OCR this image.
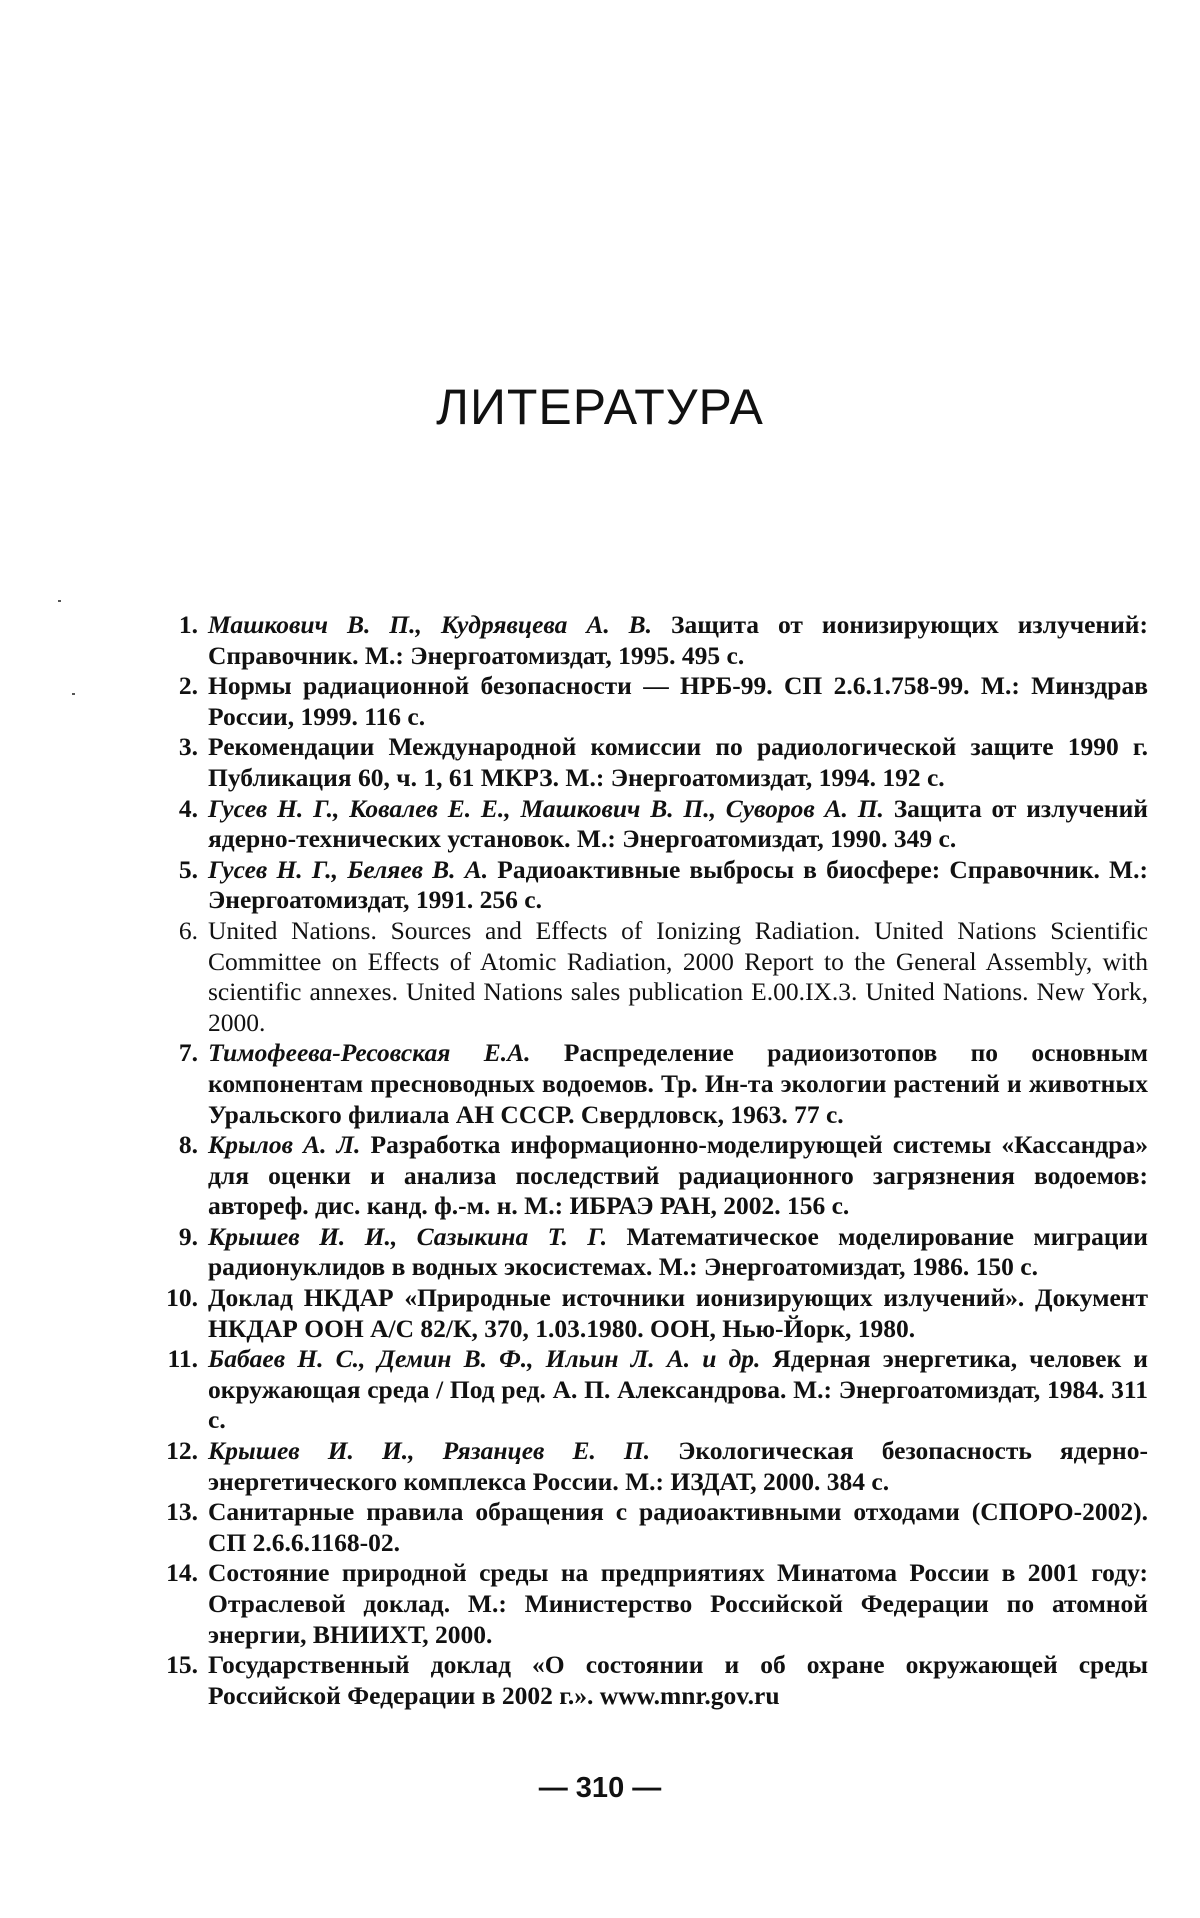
ЛИТЕРАТУРА
1. Машкович В. П., Кудрявцева А. В. Защита от ионизирующих излучений: Справочник. М.: Энергоатомиздат, 1995. 495 с.
2. Нормы радиационной безопасности — НРБ-99. СП 2.6.1.758-99. М.: Минздрав России, 1999. 116 с.
3. Рекомендации Международной комиссии по радиологической защите 1990 г. Публикация 60, ч. 1, 61 МКРЗ. М.: Энергоатомиздат, 1994. 192 с.
4. Гусев Н. Г., Ковалев Е. Е., Машкович В. П., Суворов А. П. Защита от излучений ядерно-технических установок. М.: Энергоатомиздат, 1990. 349 с.
5. Гусев Н. Г., Беляев В. А. Радиоактивные выбросы в биосфере: Справочник. М.: Энергоатомиздат, 1991. 256 с.
6. United Nations. Sources and Effects of Ionizing Radiation. United Nations Scientific Committee on Effects of Atomic Radiation, 2000 Report to the General Assembly, with scientific annexes. United Nations sales publication E.00.IX.3. United Nations. New York, 2000.
7. Тимофеева-Ресовская Е.А. Распределение радиоизотопов по основным компонентам пресноводных водоемов. Тр. Ин-та экологии растений и животных Уральского филиала АН СССР. Свердловск, 1963. 77 с.
8. Крылов А. Л. Разработка информационно-моделирующей системы «Кассандра» для оценки и анализа последствий радиационного загрязнения водоемов: автореф. дис. канд. ф.-м. н. М.: ИБРАЭ РАН, 2002. 156 с.
9. Крышев И. И., Сазыкина Т. Г. Математическое моделирование миграции радионуклидов в водных экосистемах. М.: Энергоатомиздат, 1986. 150 с.
10. Доклад НКДАР «Природные источники ионизирующих излучений». Документ НКДАР ООН А/С 82/К, 370, 1.03.1980. ООН, Нью-Йорк, 1980.
11. Бабаев Н. С., Демин В. Ф., Ильин Л. А. и др. Ядерная энергетика, человек и окружающая среда / Под ред. А. П. Александрова. М.: Энергоатомиздат, 1984. 311 с.
12. Крышев И. И., Рязанцев Е. П. Экологическая безопасность ядерно-энергетического комплекса России. М.: ИЗДАТ, 2000. 384 с.
13. Санитарные правила обращения с радиоактивными отходами (СПОРО-2002). СП 2.6.6.1168-02.
14. Состояние природной среды на предприятиях Минатома России в 2001 году: Отраслевой доклад. М.: Министерство Российской Федерации по атомной энергии, ВНИИХТ, 2000.
15. Государственный доклад «О состоянии и об охране окружающей среды Российской Федерации в 2002 г.». www.mnr.gov.ru
— 310 —
